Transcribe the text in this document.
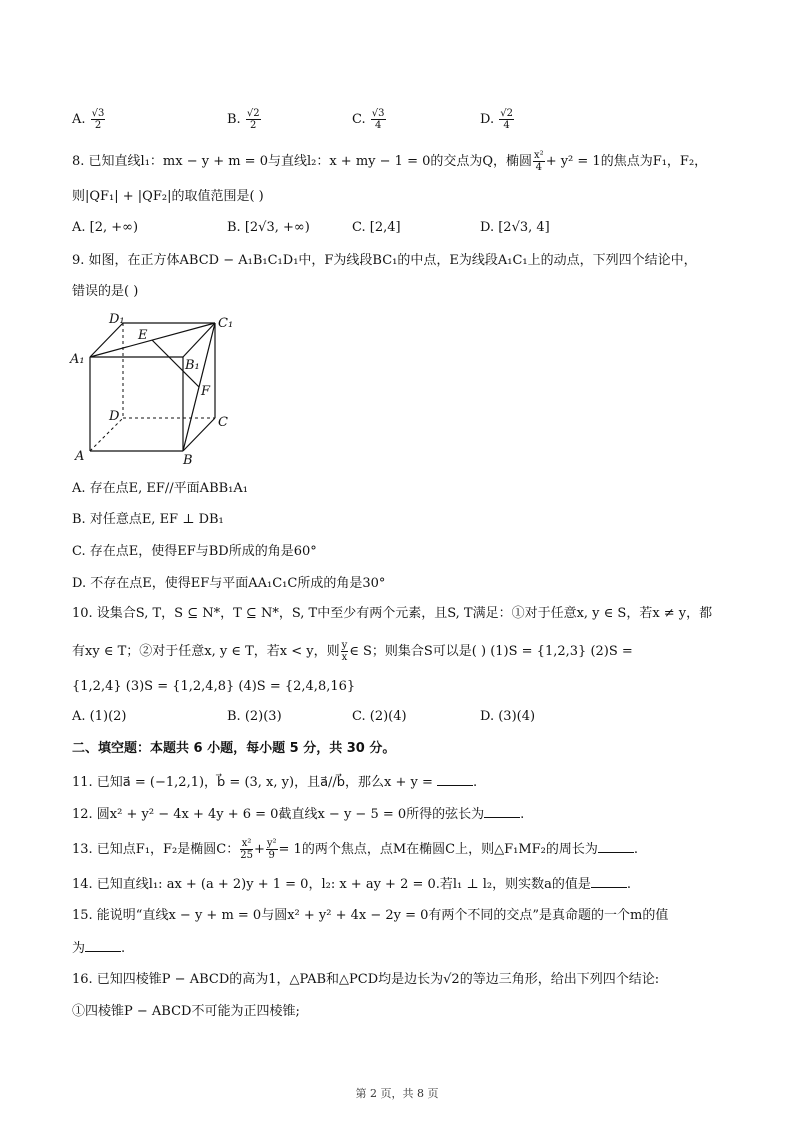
A. $\frac{√3}{2}$	B. $\frac{√2}{2}$	C. $\frac{√3}{4}$	D. $\frac{√2}{4}$
8. 已知直线l₁：mx − y + m = 0与直线l₂：x + my − 1 = 0的交点为Q，椭圆 $\frac{\text{x²}}{4} + y^2 = 1$的焦点为F₁，F₂，
则|QF₁| + |QF₂|的取值范围是( )
A. [2, +∞)	B. [2√3, +∞)	C. [2,4]	D. [2√3, 4]
9. 如图，在正方体ABCD − A₁B₁C₁D₁中，F为线段BC₁的中点，E为线段A₁C₁上的动点，下列四个结论中，
错误的是( )
D₁	C₁
E
A₁	B₁
F
D	C
A	B
A. 存在点E, EF//平面ABB₁A₁
B. 对任意点E, EF ⊥ DB₁
C. 存在点E，使得EF与BD所成的角是60°
D. 不存在点E，使得EF与平面AA₁C₁C所成的角是30°
10. 设集合S, T，S ⊆ N*，T ⊆ N*，S, T中至少有两个元素，且S, T满足：①对于任意x, y ∈ S，若x ≠ y，都
有xy ∈ T；②对于任意x, y ∈ T，若x < y，则 $\frac{y}{x}$ ∈ S；则集合S可以是( ) (1)S = {1,2,3} (2)S =
{1,2,4} (3)S = {1,2,4,8} (4)S = {2,4,8,16}
A. (1)(2)	B. (2)(3)	C. (2)(4)	D. (3)(4)
二、填空题：本题共 6 小题，每小题 5 分，共 30 分。
11. 已知a⃗ = (−1,2,1)，b⃗ = (3, x, y)，且a⃗//b⃗，那么x + y =	.
12. 圆x² + y² − 4x + 4y + 6 = 0截直线x − y − 5 = 0所得的弦长为	.
13. 已知点F₁，F₂是椭圆C： $\frac{\text{x²}}{25} + \frac{\text{y²}}{9} = 1$的两个焦点，点M在椭圆C上，则△F₁MF₂的周长为	.
14. 已知直线l₁: ax + (a + 2)y + 1 = 0，l₂: x + ay + 2 = 0.若l₁ ⊥ l₂，则实数a的值是	.
15. 能说明“直线x − y + m = 0与圆x² + y² + 4x − 2y = 0有两个不同的交点”是真命题的一个m的值
为	.
16. 已知四棱锥P − ABCD的高为1，△PAB和△PCD均是边长为√2的等边三角形，给出下列四个结论:
①四棱锥P − ABCD不可能为正四棱锥;
第 2 页，共 8 页
